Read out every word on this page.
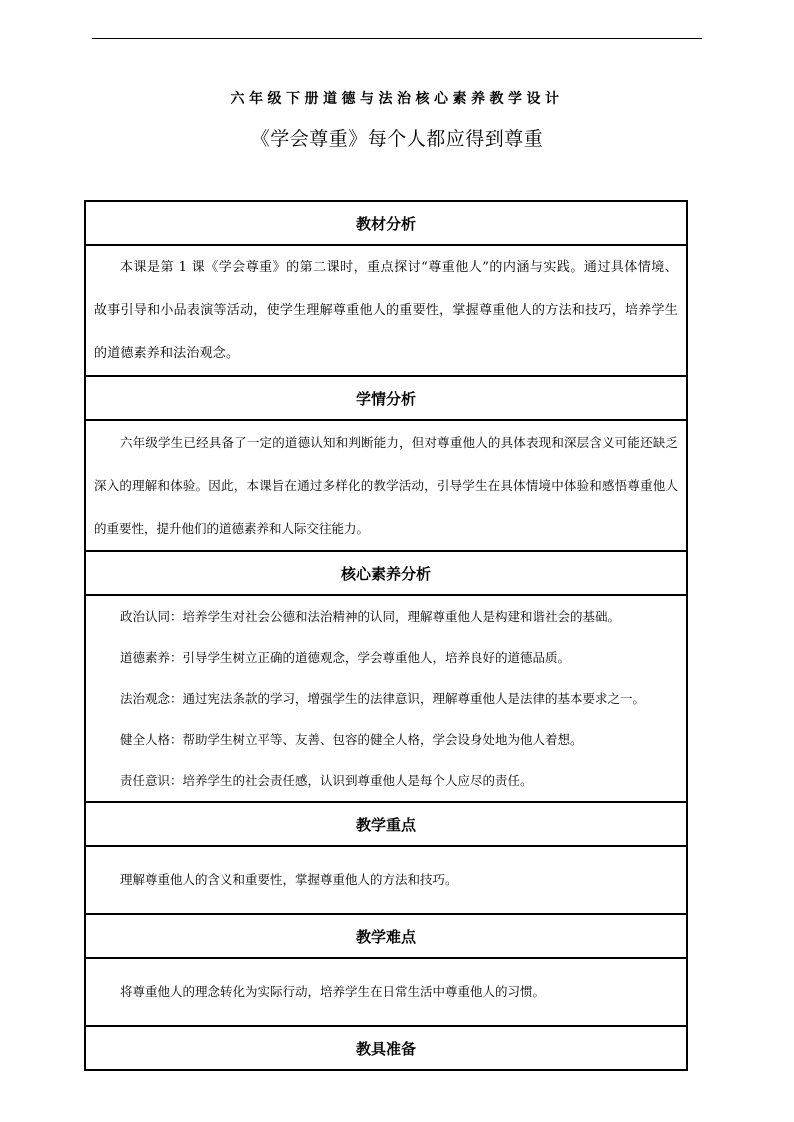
六年级下册道德与法治核心素养教学设计
《学会尊重》每个人都应得到尊重
教材分析

本课是第 1 课《学会尊重》的第二课时，重点探讨“尊重他人”的内涵与实践。通过具体情境、故事引导和小品表演等活动，使学生理解尊重他人的重要性，掌握尊重他人的方法和技巧，培养学生的道德素养和法治观念。

学情分析

六年级学生已经具备了一定的道德认知和判断能力，但对尊重他人的具体表现和深层含义可能还缺乏深入的理解和体验。因此，本课旨在通过多样化的教学活动，引导学生在具体情境中体验和感悟尊重他人的重要性，提升他们的道德素养和人际交往能力。

核心素养分析

政治认同：培养学生对社会公德和法治精神的认同，理解尊重他人是构建和谐社会的基础。
道德素养：引导学生树立正确的道德观念，学会尊重他人，培养良好的道德品质。
法治观念：通过宪法条款的学习，增强学生的法律意识，理解尊重他人是法律的基本要求之一。
健全人格：帮助学生树立平等、友善、包容的健全人格，学会设身处地为他人着想。
责任意识：培养学生的社会责任感，认识到尊重他人是每个人应尽的责任。

教学重点

理解尊重他人的含义和重要性，掌握尊重他人的方法和技巧。

教学难点

将尊重他人的理念转化为实际行动，培养学生在日常生活中尊重他人的习惯。

教具准备
